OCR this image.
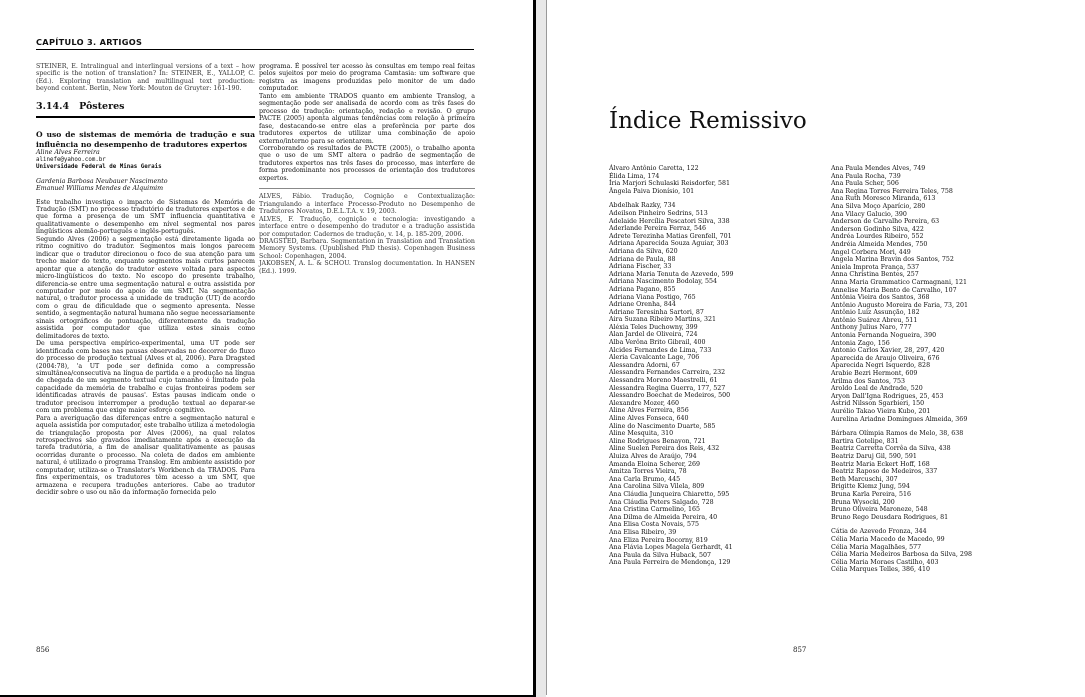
CAPÍTULO 3. ARTIGOS

STEINER, E. Intralingual and interlingual versions of a text – how specific is the notion of translation? In: STEINER, E., YALLOP, C. (Ed.). Exploring translation and multilingual text production: beyond content. Berlin, New York: Mouton de Gruyter: 161-190.

3.14.4 Pôsteres

O uso de sistemas de memória de tradução e sua influência no desempenho de tradutores expertos

Aline Alves Ferreira

alinefe@yahoo.com.br

Universidade Federal de Minas Gerais

Gardenia Barbosa Neubauer Nascimento

Emanuel Williams Mendes de Alquimim

Este trabalho investiga o impacto de Sistemas de Memória de Tradução (SMT) no processo tradutório de tradutores expertos e de que forma a presença de um SMT influencia quantitativa e qualitativamente o desempenho em nível segmental nos pares lingüísticos alemão-português e inglês-português.

Segundo Alves (2006) a segmentação está diretamente ligada ao ritmo cognitivo do tradutor. Segmentos mais longos parecem indicar que o tradutor direcionou o foco de sua atenção para um trecho maior do texto, enquanto segmentos mais curtos parecem apontar que a atenção do tradutor esteve voltada para aspectos micro-lingüísticos do texto. No escopo do presente trabalho, diferencia-se entre uma segmentação natural e outra assistida por computador por meio do apoio de um SMT. Na segmentação natural, o tradutor processa a unidade de tradução (UT) de acordo com o grau de dificuldade que o segmento apresenta. Nesse sentido, a segmentação natural humana não segue necessariamente sinais ortográficos de pontuação, diferentemente da tradução assistida por computador que utiliza estes sinais como delimitadores de texto.

De uma perspectiva empírico-experimental, uma UT pode ser identificada com bases nas pausas observadas no decorrer do fluxo do processo de produção textual (Alves et al, 2006). Para Dragsted (2004:78), 'a UT pode ser definida como a compressão simultânea/consecutiva na língua de partida e a produção na língua de chegada de um segmento textual cujo tamanho é limitado pela capacidade da memória de trabalho e cujas fronteiras podem ser identificadas através de pausas'. Estas pausas indicam onde o tradutor precisou interromper a produção textual ao deparar-se com um problema que exige maior esforço cognitivo.

Para a averiguação das diferenças entre a segmentação natural e aquela assistida por computador, este trabalho utiliza a metodologia de triangulação proposta por Alves (2006), na qual relatos retrospectivos são gravados imediatamente após a execução da tarefa tradutória, a fim de analisar qualitativamente as pausas ocorridas durante o processo. Na coleta de dados em ambiente natural, é utilizado o programa Translog. Em ambiente assistido por computador, utiliza-se o Translator's Workbench da TRADOS. Para fins experimentais, os tradutores têm acesso a um SMT, que armazena e recupera traduções anteriores. Cabe ao tradutor decidir sobre o uso ou não da informação fornecida pelo

programa. É possível ter acesso às consultas em tempo real feitas pelos sujeitos por meio do programa Camtasia: um software que registra as imagens produzidas pelo monitor de um dado computador.

Tanto em ambiente TRADOS quanto em ambiente Translog, a segmentação pode ser analisada de acordo com as três fases do processo de tradução: orientação, redação e revisão. O grupo PACTE (2005) aponta algumas tendências com relação à primeira fase, destacando-se entre elas a preferência por parte dos tradutores expertos de utilizar uma combinação de apoio externo/interno para se orientarem.

Corroborando os resultados de PACTE (2005), o trabalho aponta que o uso de um SMT altera o padrão de segmentação de tradutores expertos nas três fases do processo, mas interfere de forma predominante nos processos de orientação dos tradutores expertos.

ALVES, Fábio. Tradução, Cognição e Contextualização: Triangulando a interface Processo-Produto no Desempenho de Tradutores Novatos, D.E.L.T.A. v. 19, 2003.

ALVES, F. Tradução, cognição e tecnologia: investigando a interface entre o desempenho do tradutor e a tradução assistida por computador. Cadernos de tradução, v. 14, p. 185-209, 2006.

DRAGSTED, Barbara. Segmentation in Translation and Translation Memory Systems. (Upublished PhD thesis). Copenhagen Business School: Copenhagen, 2004.

JAKOBSEN, A. L. & SCHOU. Translog documentation. In HANSEN (Ed.). 1999.

856
Índice Remissivo
Álvaro Antônio Caretta, 122
Élida Lima, 174
Íria Marjori Schulaski Reisdorfer, 581
Ângela Paiva Dionísio, 101
Abdelhak Razky, 734
Adeilson Pinheiro Sedrins, 513
Adelaide Hercília Pescatori Silva, 338
Aderlande Pereira Ferraz, 546
Adrete Terezinha Matias Grenfell, 701
Adriana Aparecida Souza Aguiar, 303
Adriana da Silva, 620
Adriana de Paula, 88
Adriana Fischer, 33
Adriana Maria Tenuta de Azevedo, 599
Adriana Nascimento Bodolay, 554
Adriana Pagano, 855
Adriana Viana Postigo, 765
Adriane Orenha, 844
Adriane Teresinha Sartori, 87
Aira Suzana Ribeiro Martins, 321
Aléxia Teles Duchowny, 399
Alan Jardel de Oliveira, 724
Alba Verôna Brito Gibrail, 400
Alcides Fernandes de Lima, 733
Aleria Cavalcante Lage, 706
Alessandra Adorni, 67
Alessandra Fernandes Carreira, 232
Alessandra Moreno Maestrelli, 61
Alessandra Regina Guerra, 177, 527
Alessandro Boechat de Medeiros, 500
Alexandre Mozer, 460
Aline Alves Ferreira, 856
Aline Alves Fonseca, 640
Aline do Nascimento Duarte, 585
Aline Mesquita, 310
Aline Rodrigues Benayon, 721
Aline Suelen Pereira dos Reis, 432
Aluiza Alves de Araújo, 794
Amanda Eloina Scherer, 269
Amitza Torres Vieira, 78
Ana Carla Brumo, 445
Ana Carolina Silva Vilela, 809
Ana Cláudia Junqueira Chiaretto, 595
Ana Cláudia Peters Salgado, 728
Ana Cristina Carmelino, 165
Ana Dilma de Almeida Pereira, 40
Ana Elisa Costa Novais, 575
Ana Elisa Ribeiro, 39
Ana Eliza Pereira Bocorny, 819
Ana Flávia Lopes Magela Gerhardt, 41
Ana Paula da Silva Huback, 507
Ana Paula Ferreira de Mendonça, 129
Ana Paula Mendes Alves, 749
Ana Paula Rocha, 739
Ana Paula Scher, 506
Ana Regina Torres Ferreira Teles, 758
Ana Ruth Moresco Miranda, 613
Ana Silva Moço Aparício, 280
Ana Vilacy Galucio, 390
Anderson de Carvalho Pereira, 63
Anderson Godinho Silva, 422
Andréa Lourdes Ribeiro, 552
Andréia Almeida Mendes, 750
Angel Corbera Mori, 449
Angela Marina Bravin dos Santos, 752
Aniela Improta França, 537
Anna Christina Bentes, 257
Anna Maria Grammatico Carmagnani, 121
Annelise Maria Bento de Carvalho, 107
Antônia Vieira dos Santos, 368
Antônio Augusto Moreira de Faria, 73, 201
Antônio Luiz Assunção, 182
Antônio Suárez Abreu, 511
Anthony Julius Naro, 777
Antonia Fernanda Nogueira, 390
Antonia Zago, 156
Antonio Carlos Xavier, 28, 297, 420
Aparecida de Araujo Oliveira, 676
Aparecida Negri Isquerdo, 828
Arabie Bezri Hermont, 609
Arilma dos Santos, 753
Aroldo Leal de Andrade, 520
Aryon Dall'Igna Rodrigues, 25, 453
Astrid Nilsson Sgarbieri, 150
Aurélio Takao Vieira Kubo, 201
Aurelina Ariadne Domingues Almeida, 369
Bárbara Olímpia Ramos de Melo, 38, 638
Bartira Gotelipe, 831
Beatriz Carretta Corrêa da Silva, 438
Beatriz Daruj Gil, 590, 591
Beatriz Maria Eckert Hoff, 168
Beatriz Raposo de Medeiros, 337
Beth Marcuschi, 307
Brigitte Klemz Jung, 594
Bruna Karla Pereira, 516
Bruna Wysocki, 200
Bruno Oliveira Maroneze, 548
Bruno Rego Deusdara Rodrigues, 81
Cátia de Azevedo Fronza, 344
Célia Maria Macedo de Macedo, 99
Célia Maria Magalhães, 577
Célia Maria Medeiros Barbosa da Silva, 298
Célia Maria Moraes Castilho, 403
Célia Marques Telles, 386, 410
857
